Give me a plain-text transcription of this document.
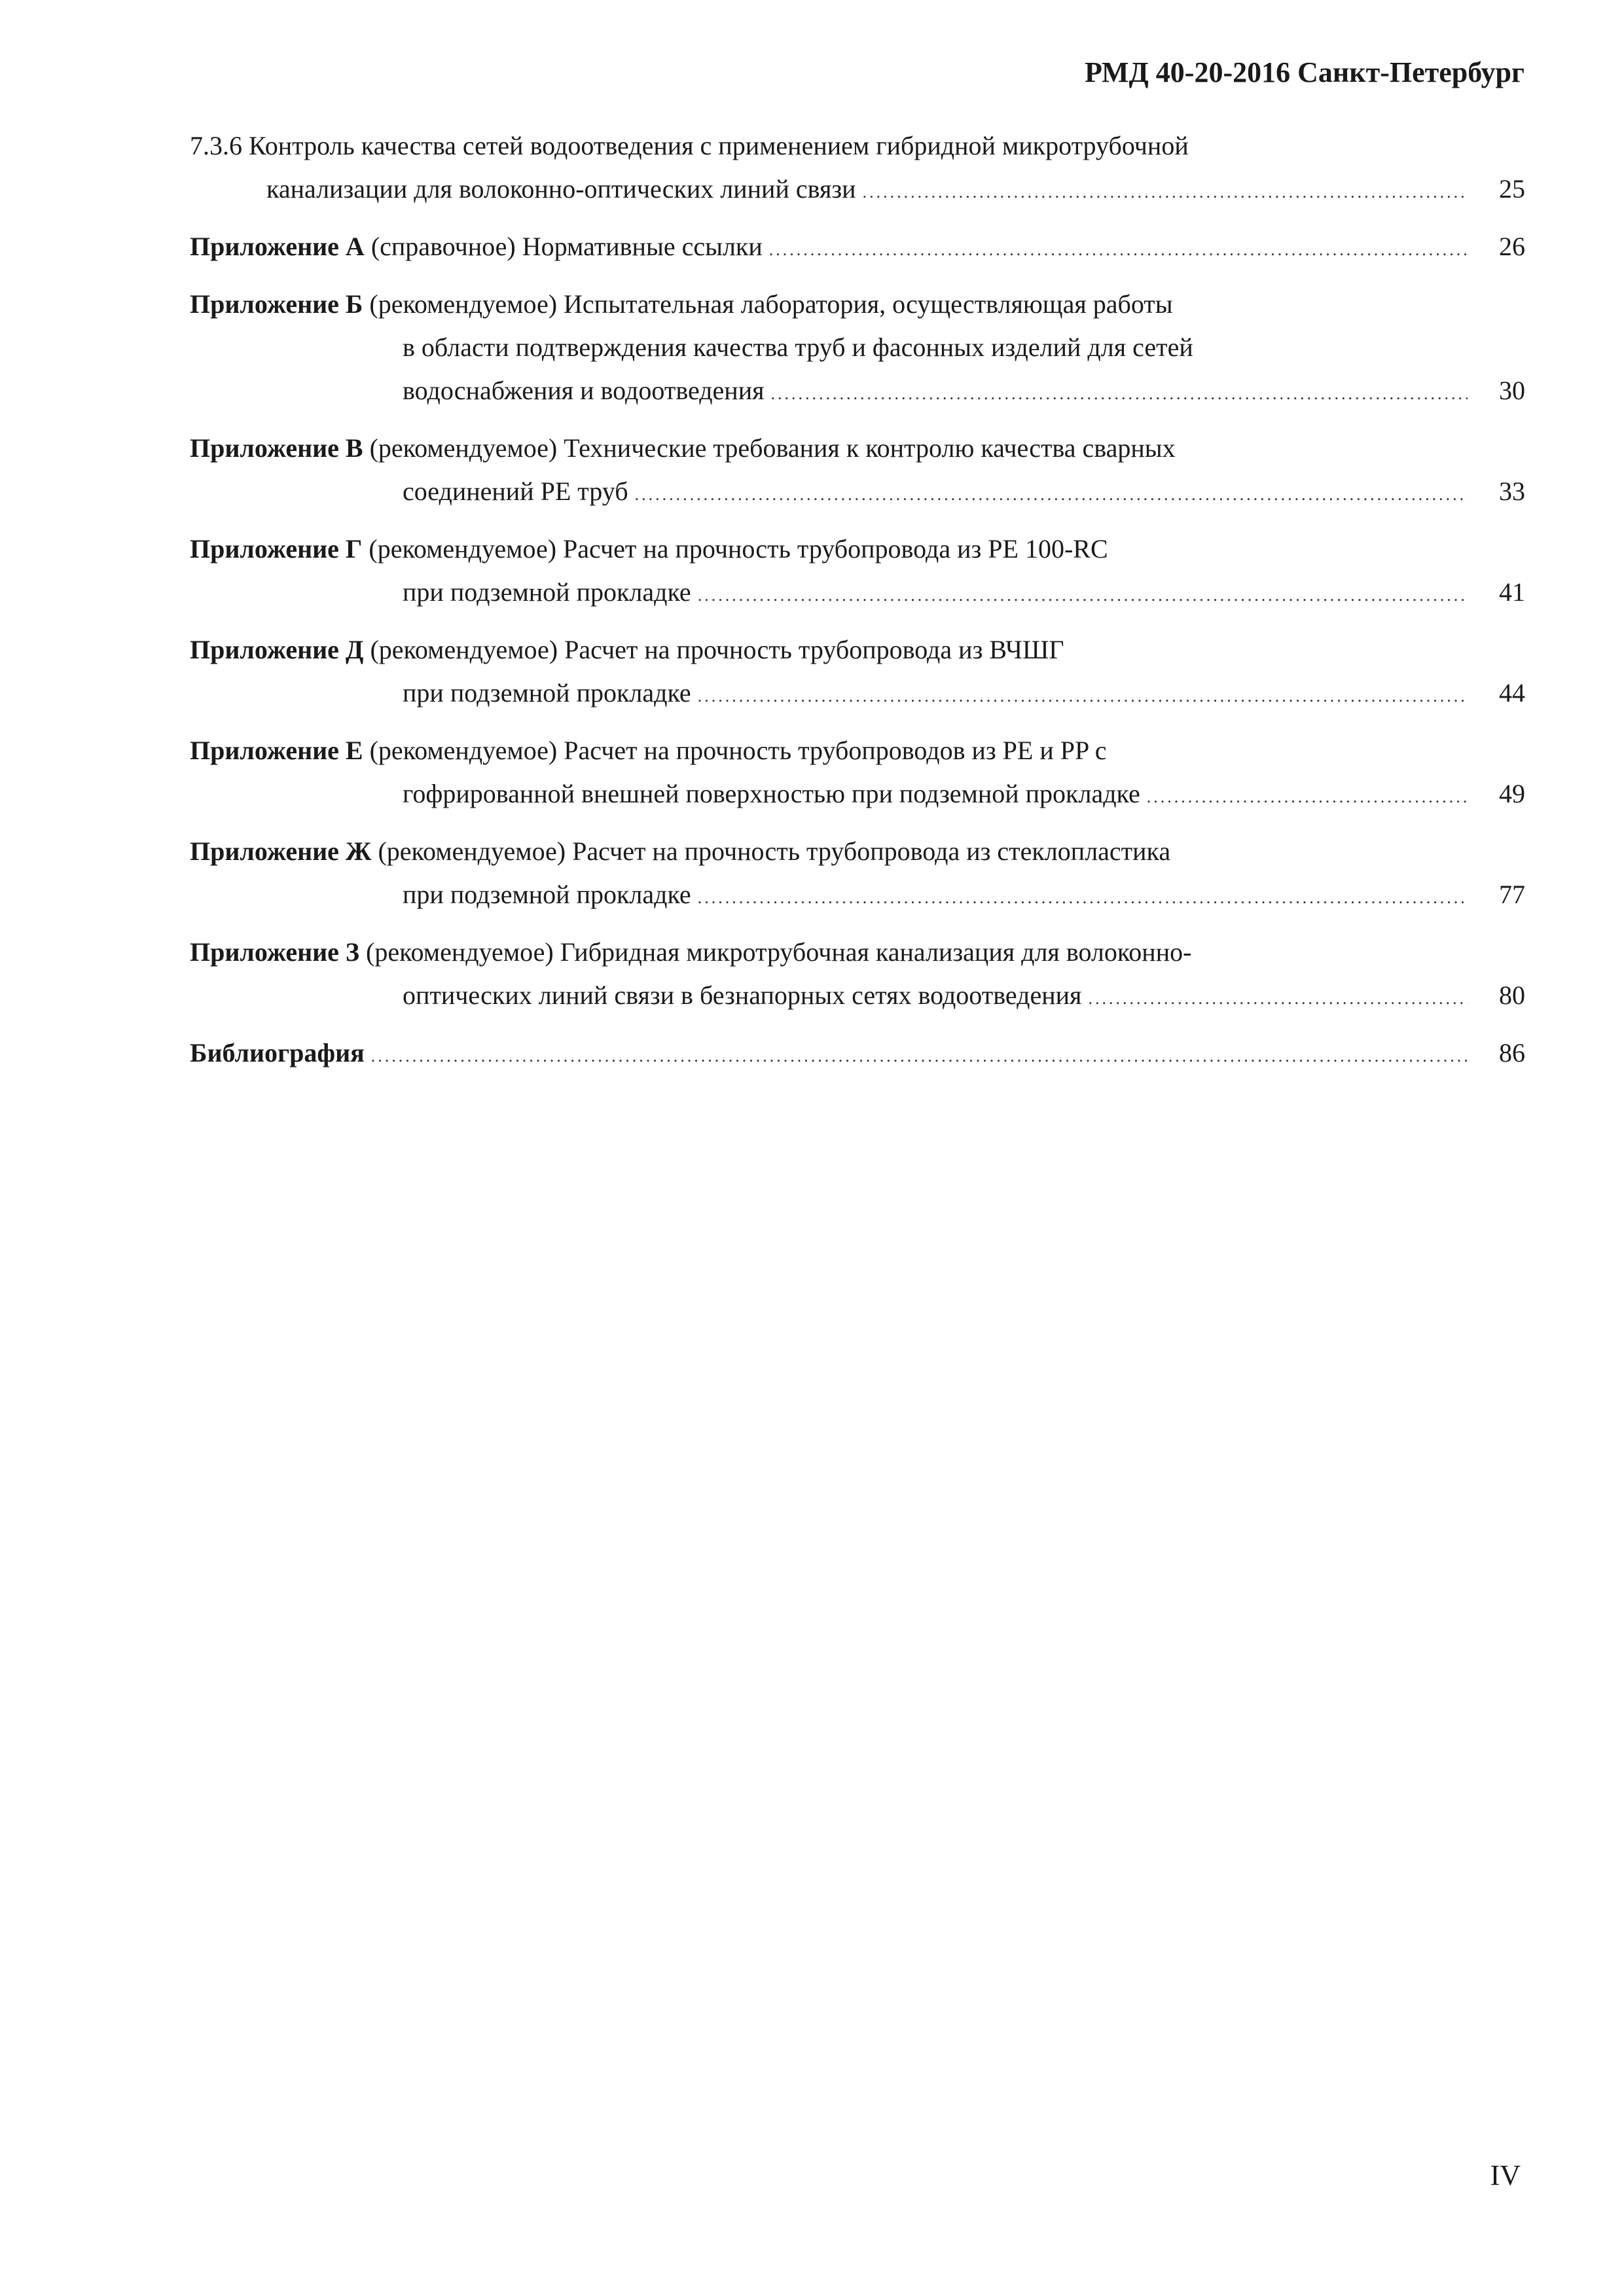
РМД 40-20-2016 Санкт-Петербург
7.3.6 Контроль качества сетей водоотведения с применением гибридной микротрубочной
канализации для волоконно-оптических линий связи .....	25
Приложение А (справочное) Нормативные ссылки .....	26
Приложение Б (рекомендуемое) Испытательная лаборатория, осуществляющая работы
в области подтверждения качества труб и фасонных изделий для сетей
водоснабжения и водоотведения .....	30
Приложение В (рекомендуемое) Технические требования к контролю качества сварных
соединений PE труб .....	33
Приложение Г (рекомендуемое) Расчет на прочность трубопровода из PE 100-RC
при подземной прокладке .....	41
Приложение Д (рекомендуемое) Расчет на прочность трубопровода из ВЧШГ
при подземной прокладке .....	44
Приложение Е (рекомендуемое) Расчет на прочность трубопроводов из PE и PP с
гофрированной внешней поверхностью при подземной прокладке .....	49
Приложение Ж (рекомендуемое) Расчет на прочность трубопровода из стеклопластика
при подземной прокладке .....	77
Приложение З (рекомендуемое) Гибридная микротрубочная канализация для волоконно-
оптических линий связи в безнапорных сетях водоотведения .....	80
Библиография .....	86
IV
